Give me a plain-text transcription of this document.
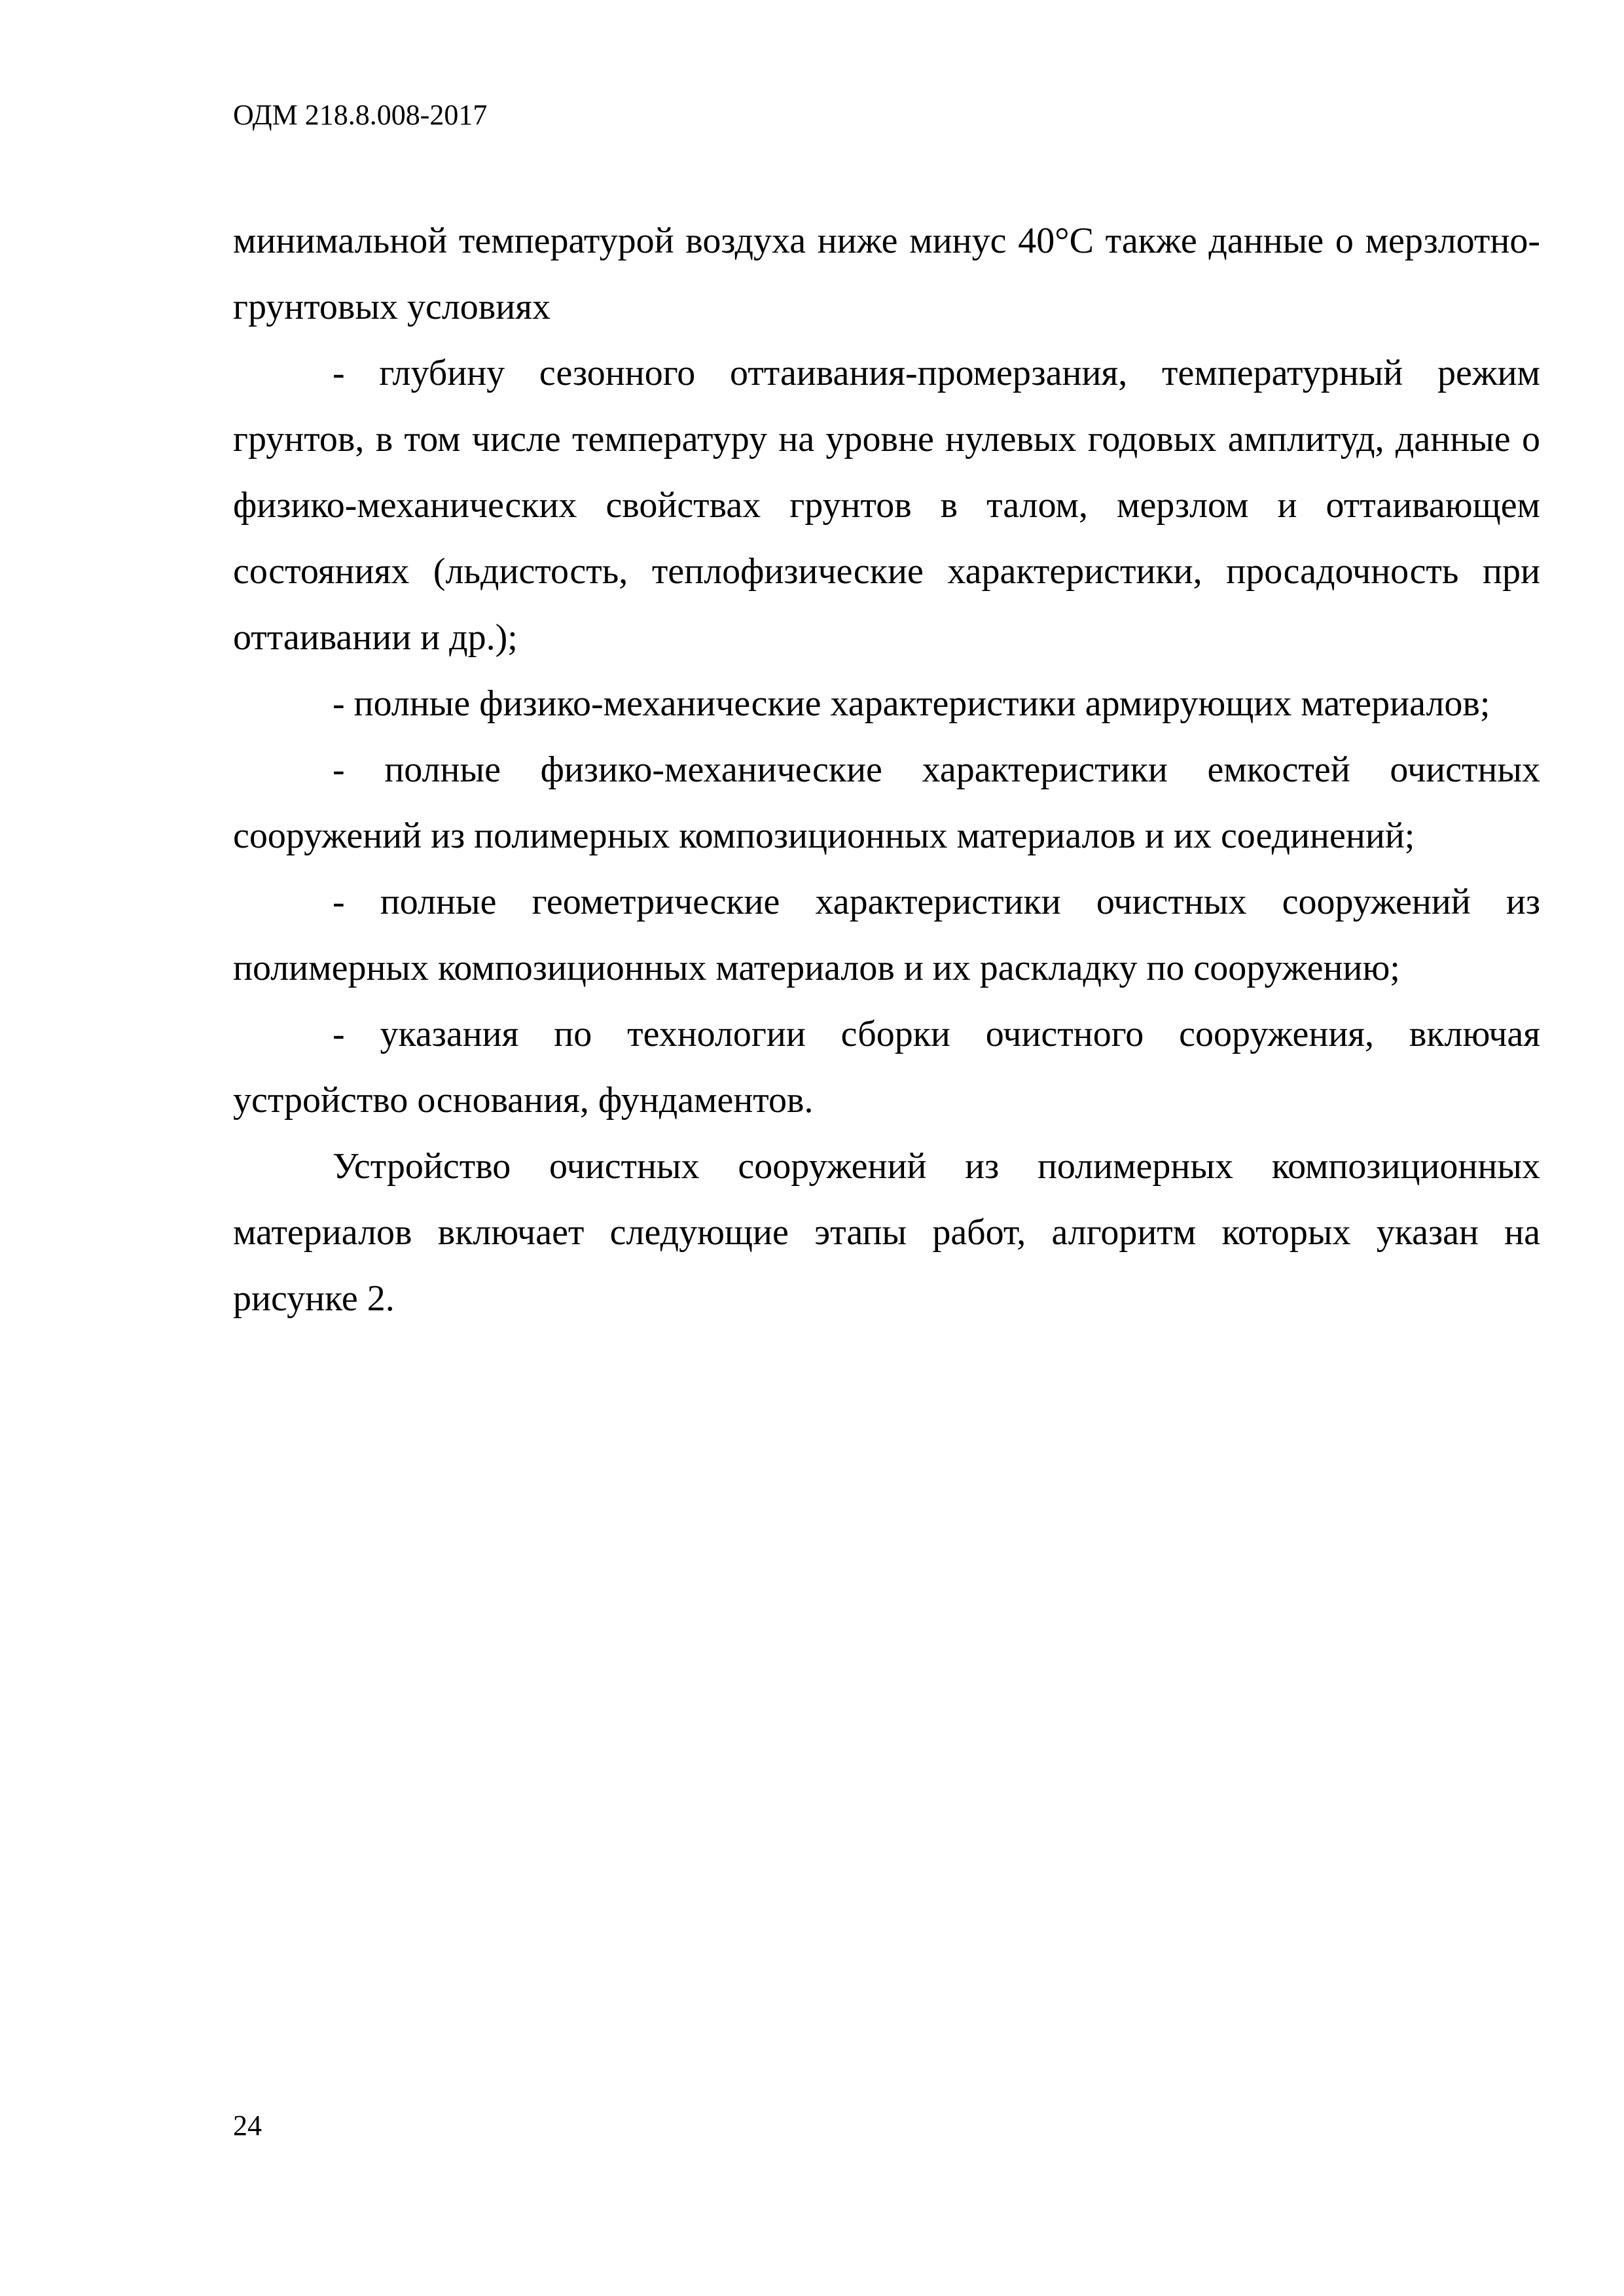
ОДМ 218.8.008-2017

минимальной температурой воздуха ниже минус 40°С также данные о мерзлотно-грунтовых условиях

- глубину сезонного оттаивания-промерзания, температурный режим грунтов, в том числе температуру на уровне нулевых годовых амплитуд, данные о физико-механических свойствах грунтов в талом, мерзлом и оттаивающем состояниях (льдистость, теплофизические характеристики, просадочность при оттаивании и др.);

- полные физико-механические характеристики армирующих материалов;

- полные физико-механические характеристики емкостей очистных сооружений из полимерных композиционных материалов и их соединений;

- полные геометрические характеристики очистных сооружений из полимерных композиционных материалов и их раскладку по сооружению;

- указания по технологии сборки очистного сооружения, включая устройство основания, фундаментов.

Устройство очистных сооружений из полимерных композиционных материалов включает следующие этапы работ, алгоритм которых указан на рисунке 2.

24
